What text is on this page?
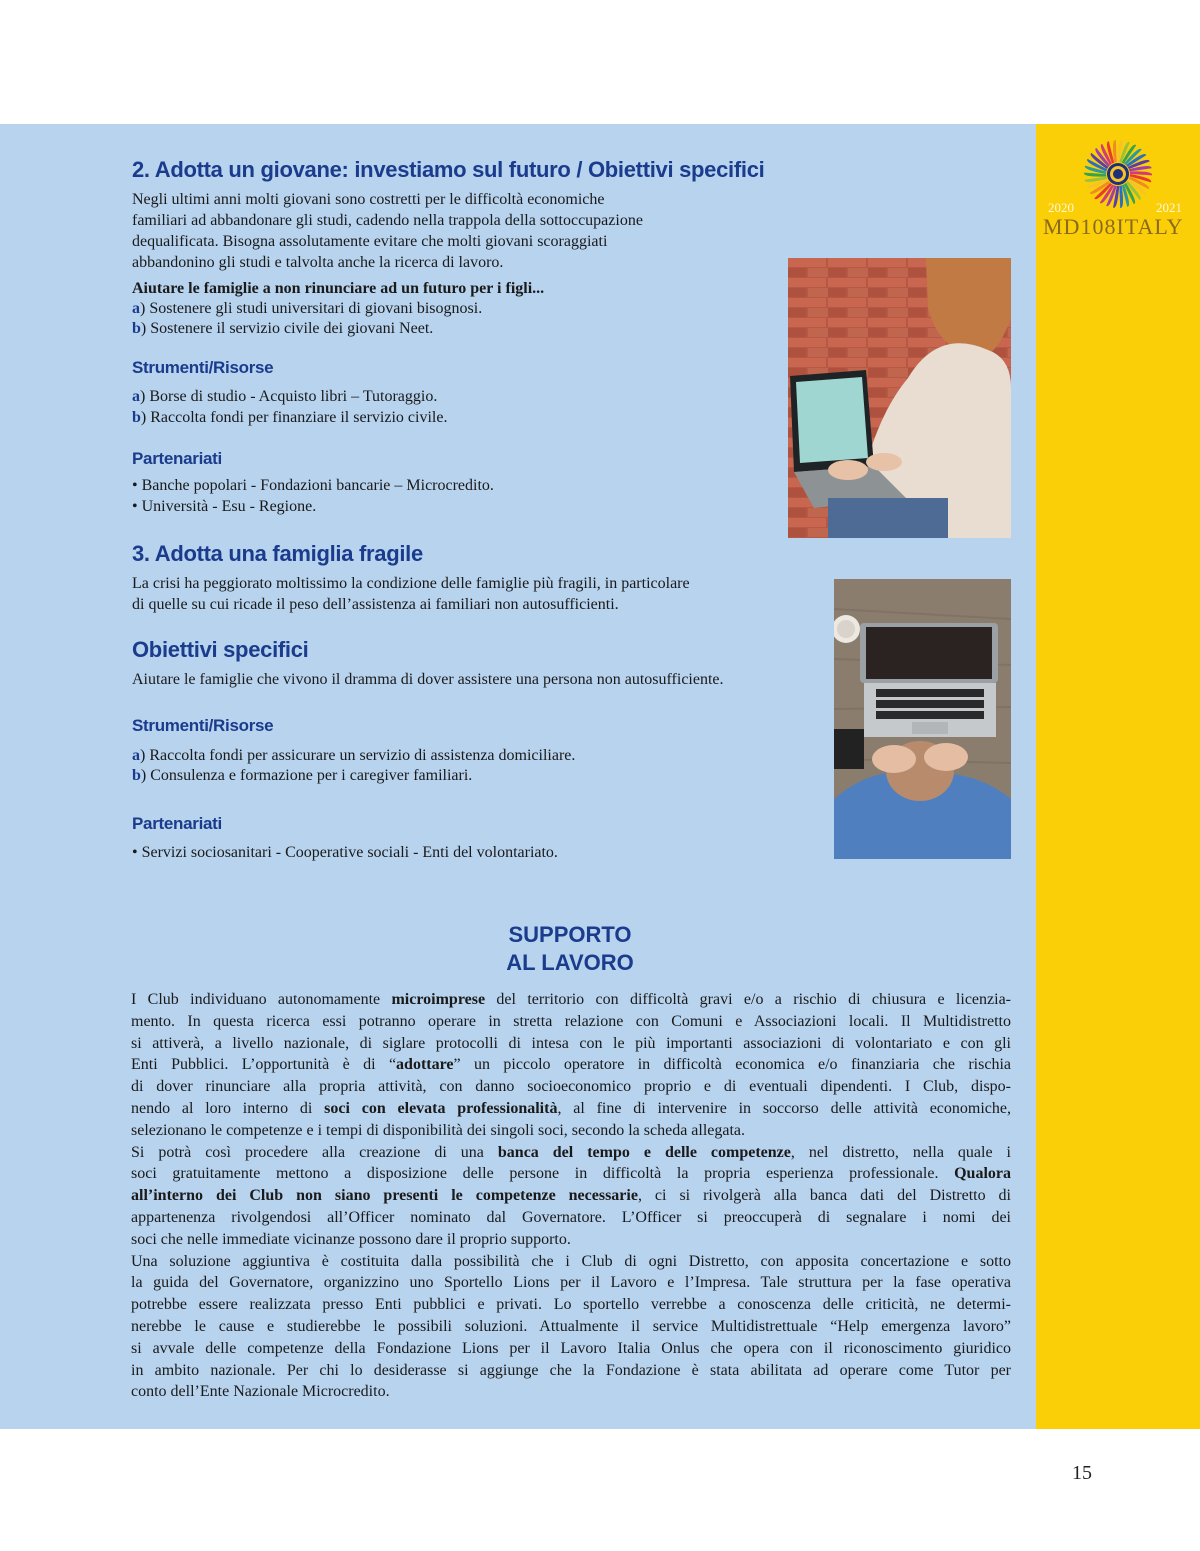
2020	2021
MD108ITALY
2. Adotta un giovane: investiamo sul futuro / Obiettivi specifici
Negli ultimi anni molti giovani sono costretti per le difficoltà economiche
familiari ad abbandonare gli studi, cadendo nella trappola della sottoccupazione
dequalificata. Bisogna assolutamente evitare che molti giovani scoraggiati
abbandonino gli studi e talvolta anche la ricerca di lavoro.
Aiutare le famiglie a non rinunciare ad un futuro per i figli...
a) Sostenere gli studi universitari di giovani bisognosi.
b) Sostenere il servizio civile dei giovani Neet.
Strumenti/Risorse
a) Borse di studio - Acquisto libri – Tutoraggio.
b) Raccolta fondi per finanziare il servizio civile.
Partenariati
• Banche popolari - Fondazioni bancarie – Microcredito.
• Università - Esu - Regione.
3. Adotta una famiglia fragile
La crisi ha peggiorato moltissimo la condizione delle famiglie più fragili, in particolare
di quelle su cui ricade il peso dell’assistenza ai familiari non autosufficienti.
Obiettivi specifici
Aiutare le famiglie che vivono il dramma di dover assistere una persona non autosufficiente.
Strumenti/Risorse
a) Raccolta fondi per assicurare un servizio di assistenza domiciliare.
b) Consulenza e formazione per i caregiver familiari.
Partenariati
• Servizi sociosanitari - Cooperative sociali - Enti del volontariato.
SUPPORTO
AL LAVORO
I Club individuano autonomamente microimprese del territorio con difficoltà gravi e/o a rischio di chiusura e licenzia-
mento. In questa ricerca essi potranno operare in stretta relazione con Comuni e Associazioni locali. Il Multidistretto
si attiverà, a livello nazionale, di siglare protocolli di intesa con le più importanti associazioni di volontariato e con gli
Enti Pubblici. L’opportunità è di “adottare” un piccolo operatore in difficoltà economica e/o finanziaria che rischia
di dover rinunciare alla propria attività, con danno socioeconomico proprio e di eventuali dipendenti. I Club, dispo-
nendo al loro interno di soci con elevata professionalità, al fine di intervenire in soccorso delle attività economiche,
selezionano le competenze e i tempi di disponibilità dei singoli soci, secondo la scheda allegata.
Si potrà così procedere alla creazione di una banca del tempo e delle competenze, nel distretto, nella quale i
soci gratuitamente mettono a disposizione delle persone in difficoltà la propria esperienza professionale. Qualora
all’interno dei Club non siano presenti le competenze necessarie, ci si rivolgerà alla banca dati del Distretto di
appartenenza rivolgendosi all’Officer nominato dal Governatore. L’Officer si preoccuperà di segnalare i nomi dei
soci che nelle immediate vicinanze possono dare il proprio supporto.
Una soluzione aggiuntiva è costituita dalla possibilità che i Club di ogni Distretto, con apposita concertazione e sotto
la guida del Governatore, organizzino uno Sportello Lions per il Lavoro e l’Impresa. Tale struttura per la fase operativa
potrebbe essere realizzata presso Enti pubblici e privati. Lo sportello verrebbe a conoscenza delle criticità, ne determi-
nerebbe le cause e studierebbe le possibili soluzioni. Attualmente il service Multidistrettuale “Help emergenza lavoro”
si avvale delle competenze della Fondazione Lions per il Lavoro Italia Onlus che opera con il riconoscimento giuridico
in ambito nazionale. Per chi lo desiderasse si aggiunge che la Fondazione è stata abilitata ad operare come Tutor per
conto dell’Ente Nazionale Microcredito.
15
